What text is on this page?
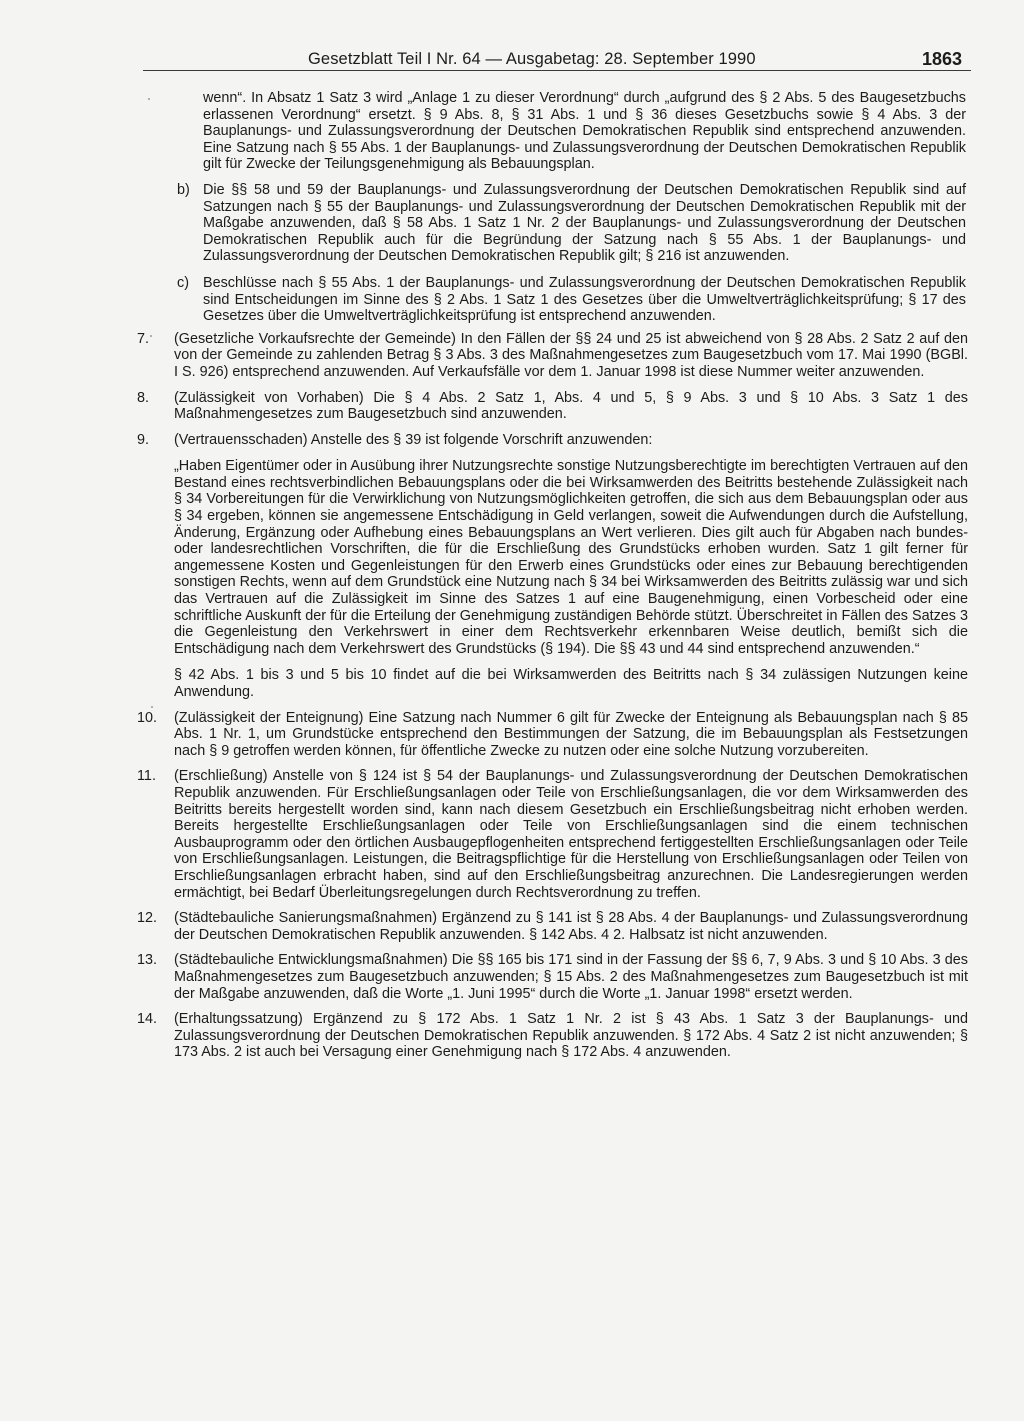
Gesetzblatt Teil I Nr. 64 — Ausgabetag: 28. September 1990	1863
wenn“. In Absatz 1 Satz 3 wird „Anlage 1 zu dieser Verordnung“ durch „aufgrund des § 2 Abs. 5 des Baugesetzbuchs erlassenen Verordnung“ ersetzt. § 9 Abs. 8, § 31 Abs. 1 und § 36 dieses Gesetzbuchs sowie § 4 Abs. 3 der Bauplanungs- und Zulassungsverordnung der Deutschen Demokratischen Republik sind entsprechend anzuwenden. Eine Satzung nach § 55 Abs. 1 der Bauplanungs- und Zulassungsverordnung der Deutschen Demokratischen Republik gilt für Zwecke der Teilungsgenehmigung als Bebauungsplan.
b) Die §§ 58 und 59 der Bauplanungs- und Zulassungsverordnung der Deutschen Demokratischen Republik sind auf Satzungen nach § 55 der Bauplanungs- und Zulassungsverordnung der Deutschen Demokratischen Republik mit der Maßgabe anzuwenden, daß § 58 Abs. 1 Satz 1 Nr. 2 der Bauplanungs- und Zulassungsverordnung der Deutschen Demokratischen Republik auch für die Begründung der Satzung nach § 55 Abs. 1 der Bauplanungs- und Zulassungsverordnung der Deutschen Demokratischen Republik gilt; § 216 ist anzuwenden.
c) Beschlüsse nach § 55 Abs. 1 der Bauplanungs- und Zulassungsverordnung der Deutschen Demokratischen Republik sind Entscheidungen im Sinne des § 2 Abs. 1 Satz 1 des Gesetzes über die Umweltverträglichkeitsprüfung; § 17 des Gesetzes über die Umweltverträglichkeitsprüfung ist entsprechend anzuwenden.
7. (Gesetzliche Vorkaufsrechte der Gemeinde) In den Fällen der §§ 24 und 25 ist abweichend von § 28 Abs. 2 Satz 2 auf den von der Gemeinde zu zahlenden Betrag § 3 Abs. 3 des Maßnahmengesetzes zum Baugesetzbuch vom 17. Mai 1990 (BGBl. I S. 926) entsprechend anzuwenden. Auf Verkaufsfälle vor dem 1. Januar 1998 ist diese Nummer weiter anzuwenden.
8. (Zulässigkeit von Vorhaben) Die § 4 Abs. 2 Satz 1, Abs. 4 und 5, § 9 Abs. 3 und § 10 Abs. 3 Satz 1 des Maßnahmengesetzes zum Baugesetzbuch sind anzuwenden.
9. (Vertrauensschaden) Anstelle des § 39 ist folgende Vorschrift anzuwenden:
„Haben Eigentümer oder in Ausübung ihrer Nutzungsrechte sonstige Nutzungsberechtigte im berechtigten Vertrauen auf den Bestand eines rechtsverbindlichen Bebauungsplans oder die bei Wirksamwerden des Beitritts bestehende Zulässigkeit nach § 34 Vorbereitungen für die Verwirklichung von Nutzungsmöglichkeiten getroffen, die sich aus dem Bebauungsplan oder aus § 34 ergeben, können sie angemessene Entschädigung in Geld verlangen, soweit die Aufwendungen durch die Aufstellung, Änderung, Ergänzung oder Aufhebung eines Bebauungsplans an Wert verlieren. Dies gilt auch für Abgaben nach bundes- oder landesrechtlichen Vorschriften, die für die Erschließung des Grundstücks erhoben wurden. Satz 1 gilt ferner für angemessene Kosten und Gegenleistungen für den Erwerb eines Grundstücks oder eines zur Bebauung berechtigenden sonstigen Rechts, wenn auf dem Grundstück eine Nutzung nach § 34 bei Wirksamwerden des Beitritts zulässig war und sich das Vertrauen auf die Zulässigkeit im Sinne des Satzes 1 auf eine Baugenehmigung, einen Vorbescheid oder eine schriftliche Auskunft der für die Erteilung der Genehmigung zuständigen Behörde stützt. Überschreitet in Fällen des Satzes 3 die Gegenleistung den Verkehrswert in einer dem Rechtsverkehr erkennbaren Weise deutlich, bemißt sich die Entschädigung nach dem Verkehrswert des Grundstücks (§ 194). Die §§ 43 und 44 sind entsprechend anzuwenden.“
§ 42 Abs. 1 bis 3 und 5 bis 10 findet auf die bei Wirksamwerden des Beitritts nach § 34 zulässigen Nutzungen keine Anwendung.
10. (Zulässigkeit der Enteignung) Eine Satzung nach Nummer 6 gilt für Zwecke der Enteignung als Bebauungsplan nach § 85 Abs. 1 Nr. 1, um Grundstücke entsprechend den Bestimmungen der Satzung, die im Bebauungsplan als Festsetzungen nach § 9 getroffen werden können, für öffentliche Zwecke zu nutzen oder eine solche Nutzung vorzubereiten.
11. (Erschließung) Anstelle von § 124 ist § 54 der Bauplanungs- und Zulassungsverordnung der Deutschen Demokratischen Republik anzuwenden. Für Erschließungsanlagen oder Teile von Erschließungsanlagen, die vor dem Wirksamwerden des Beitritts bereits hergestellt worden sind, kann nach diesem Gesetzbuch ein Erschließungsbeitrag nicht erhoben werden. Bereits hergestellte Erschließungsanlagen oder Teile von Erschließungsanlagen sind die einem technischen Ausbauprogramm oder den örtlichen Ausbaugepflogenheiten entsprechend fertiggestellten Erschließungsanlagen oder Teile von Erschließungsanlagen. Leistungen, die Beitragspflichtige für die Herstellung von Erschließungsanlagen oder Teilen von Erschließungsanlagen erbracht haben, sind auf den Erschließungsbeitrag anzurechnen. Die Landesregierungen werden ermächtigt, bei Bedarf Überleitungsregelungen durch Rechtsverordnung zu treffen.
12. (Städtebauliche Sanierungsmaßnahmen) Ergänzend zu § 141 ist § 28 Abs. 4 der Bauplanungs- und Zulassungsverordnung der Deutschen Demokratischen Republik anzuwenden. § 142 Abs. 4 2. Halbsatz ist nicht anzuwenden.
13. (Städtebauliche Entwicklungsmaßnahmen) Die §§ 165 bis 171 sind in der Fassung der §§ 6, 7, 9 Abs. 3 und § 10 Abs. 3 des Maßnahmengesetzes zum Baugesetzbuch anzuwenden; § 15 Abs. 2 des Maßnahmengesetzes zum Baugesetzbuch ist mit der Maßgabe anzuwenden, daß die Worte „1. Juni 1995“ durch die Worte „1. Januar 1998“ ersetzt werden.
14. (Erhaltungssatzung) Ergänzend zu § 172 Abs. 1 Satz 1 Nr. 2 ist § 43 Abs. 1 Satz 3 der Bauplanungs- und Zulassungsverordnung der Deutschen Demokratischen Republik anzuwenden. § 172 Abs. 4 Satz 2 ist nicht anzuwenden; § 173 Abs. 2 ist auch bei Versagung einer Genehmigung nach § 172 Abs. 4 anzuwenden.
